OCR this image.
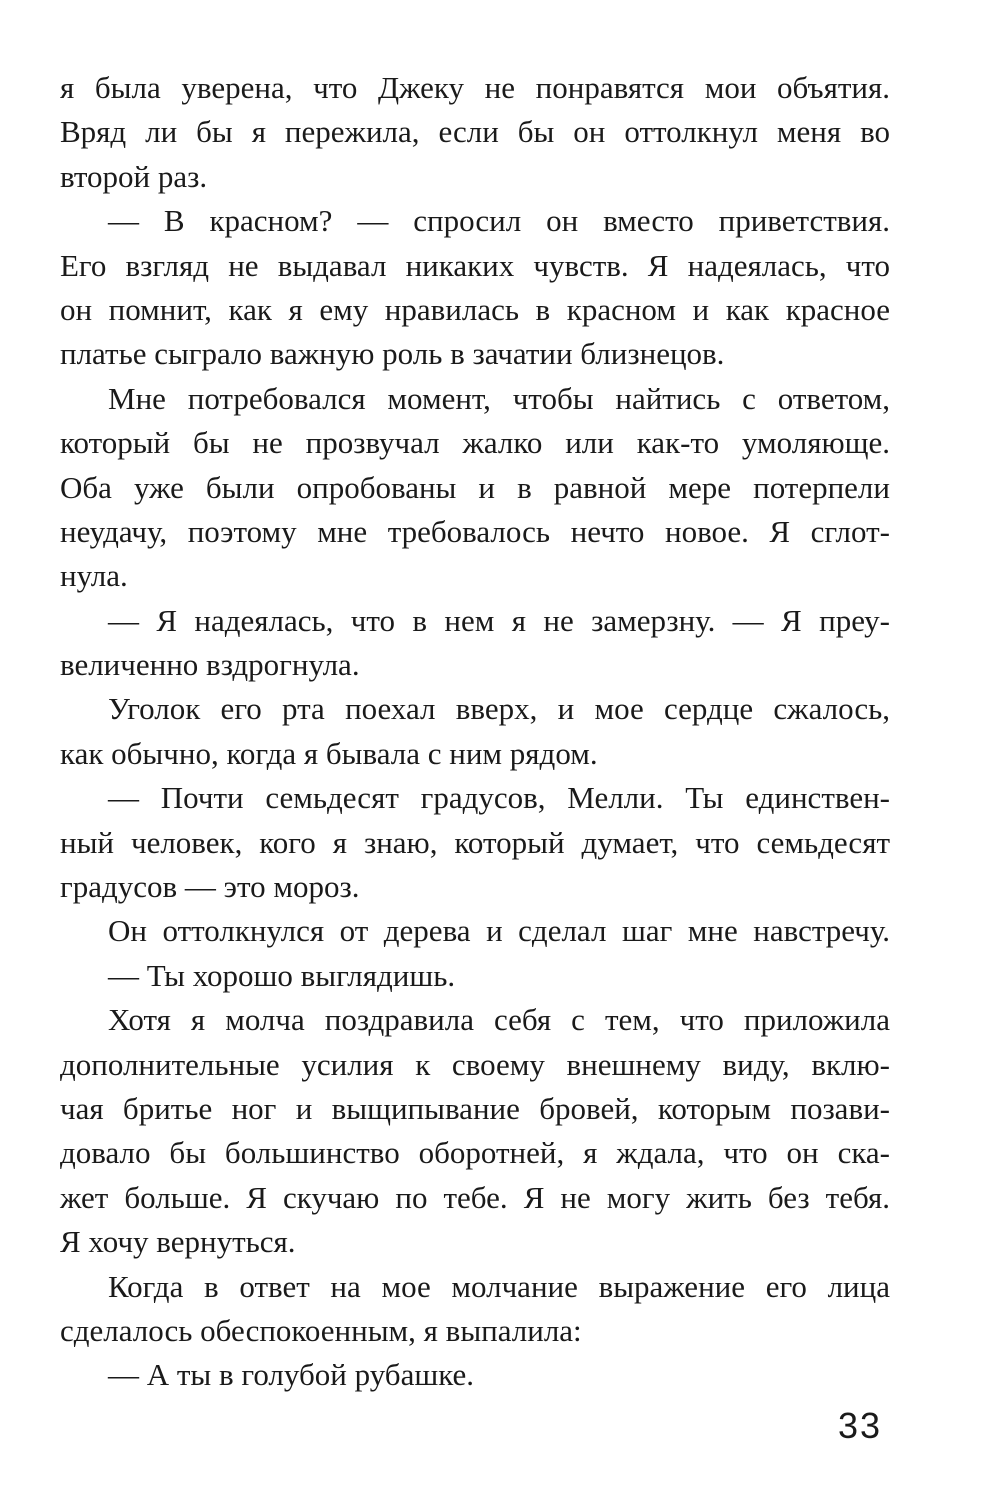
я была уверена, что Джеку не понравятся мои объятия.
Вряд ли бы я пережила, если бы он оттолкнул меня во
второй раз.
— В красном? — спросил он вместо приветствия.
Его взгляд не выдавал никаких чувств. Я надеялась, что
он помнит, как я ему нравилась в красном и как красное
платье сыграло важную роль в зачатии близнецов.
Мне потребовался момент, чтобы найтись с ответом,
который бы не прозвучал жалко или как-то умоляюще.
Оба уже были опробованы и в равной мере потерпели
неудачу, поэтому мне требовалось нечто новое. Я сглот-
нула.
— Я надеялась, что в нем я не замерзну. — Я преу-
величенно вздрогнула.
Уголок его рта поехал вверх, и мое сердце сжалось,
как обычно, когда я бывала с ним рядом.
— Почти семьдесят градусов, Мелли. Ты единствен-
ный человек, кого я знаю, который думает, что семьдесят
градусов — это мороз.
Он оттолкнулся от дерева и сделал шаг мне навстречу.
— Ты хорошо выглядишь.
Хотя я молча поздравила себя с тем, что приложила
дополнительные усилия к своему внешнему виду, вклю-
чая бритье ног и выщипывание бровей, которым позави-
довало бы большинство оборотней, я ждала, что он ска-
жет больше. Я скучаю по тебе. Я не могу жить без тебя.
Я хочу вернуться.
Когда в ответ на мое молчание выражение его лица
сделалось обеспокоенным, я выпалила:
— А ты в голубой рубашке.
33
